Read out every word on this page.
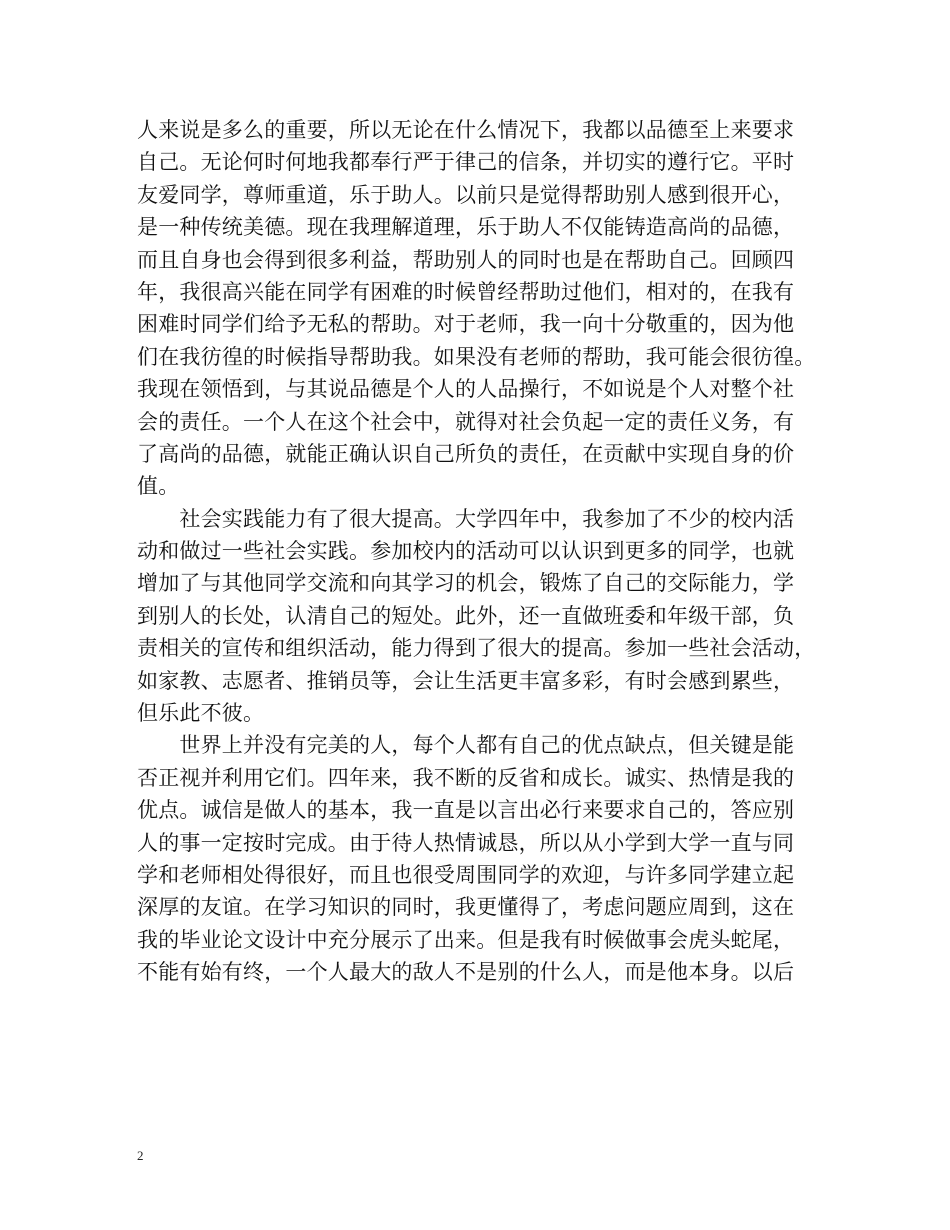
人来说是多么的重要，所以无论在什么情况下，我都以品德至上来要求
自己。无论何时何地我都奉行严于律己的信条，并切实的遵行它。平时
友爱同学，尊师重道，乐于助人。以前只是觉得帮助别人感到很开心，
是一种传统美德。现在我理解道理，乐于助人不仅能铸造高尚的品德，
而且自身也会得到很多利益，帮助别人的同时也是在帮助自己。回顾四
年，我很高兴能在同学有困难的时候曾经帮助过他们，相对的，在我有
困难时同学们给予无私的帮助。对于老师，我一向十分敬重的，因为他
们在我彷徨的时候指导帮助我。如果没有老师的帮助，我可能会很彷徨。
我现在领悟到，与其说品德是个人的人品操行，不如说是个人对整个社
会的责任。一个人在这个社会中，就得对社会负起一定的责任义务，有
了高尚的品德，就能正确认识自己所负的责任，在贡献中实现自身的价
值。
　　社会实践能力有了很大提高。大学四年中，我参加了不少的校内活
动和做过一些社会实践。参加校内的活动可以认识到更多的同学，也就
增加了与其他同学交流和向其学习的机会，锻炼了自己的交际能力，学
到别人的长处，认清自己的短处。此外，还一直做班委和年级干部，负
责相关的宣传和组织活动，能力得到了很大的提高。参加一些社会活动，
如家教、志愿者、推销员等，会让生活更丰富多彩，有时会感到累些，
但乐此不彼。
　　世界上并没有完美的人，每个人都有自己的优点缺点，但关键是能
否正视并利用它们。四年来，我不断的反省和成长。诚实、热情是我的
优点。诚信是做人的基本，我一直是以言出必行来要求自己的，答应别
人的事一定按时完成。由于待人热情诚恳，所以从小学到大学一直与同
学和老师相处得很好，而且也很受周围同学的欢迎，与许多同学建立起
深厚的友谊。在学习知识的同时，我更懂得了，考虑问题应周到，这在
我的毕业论文设计中充分展示了出来。但是我有时候做事会虎头蛇尾，
不能有始有终，一个人最大的敌人不是别的什么人，而是他本身。以后
2
